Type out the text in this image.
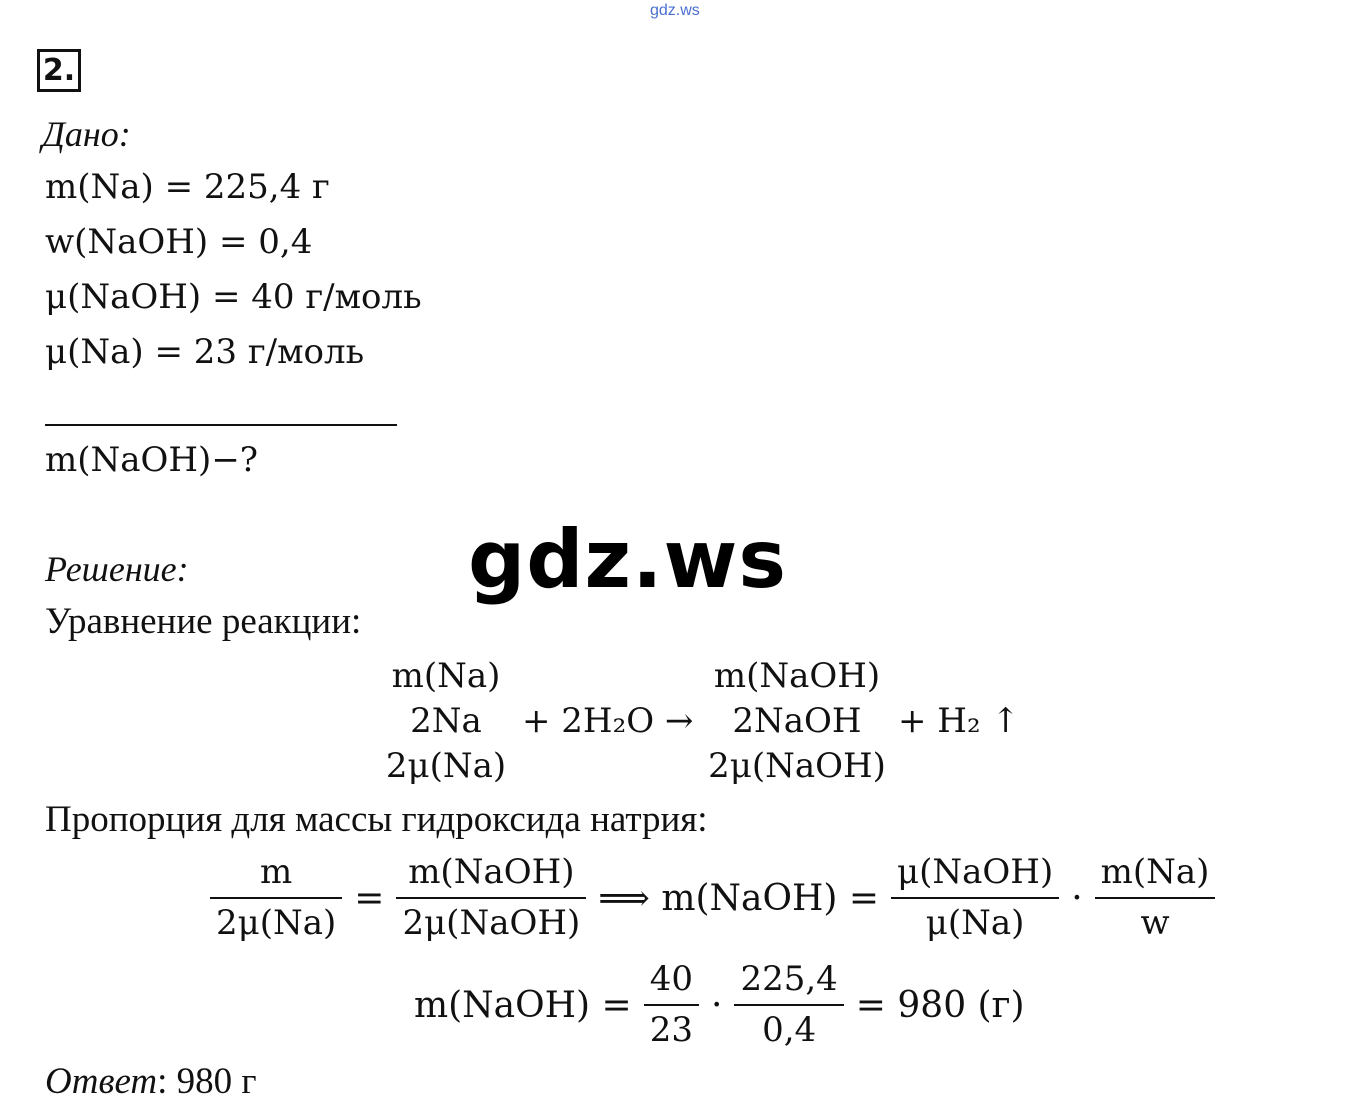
gdz.ws
2.
Дано:
m(Na) = 225,4 г
w(NaOH) = 0,4
μ(NaOH) = 40 г/моль
μ(Na) = 23 г/моль
m(NaOH)−?
gdz.ws
Решение:
Уравнение реакции:
m(Na)
2Na
2μ(Na)
+ 2H₂O →
m(NaOH)
2NaOH
2μ(NaOH)
+ H₂ ↑
Пропорция для массы гидроксида натрия:
$\frac{m}{2\mu(Na)} = \frac{\text{m(NaOH)}}{\text{2μ(NaOH)}}$ ⟹ m(NaOH) = $\frac{\text{μ(NaOH)}}{\mu(Na)} \cdot \frac{m(Na)}{w}$
m(NaOH) = $\frac{40}{23} \cdot \frac{225,4}{0,4} = 980$ (г)
Ответ: 980 г
